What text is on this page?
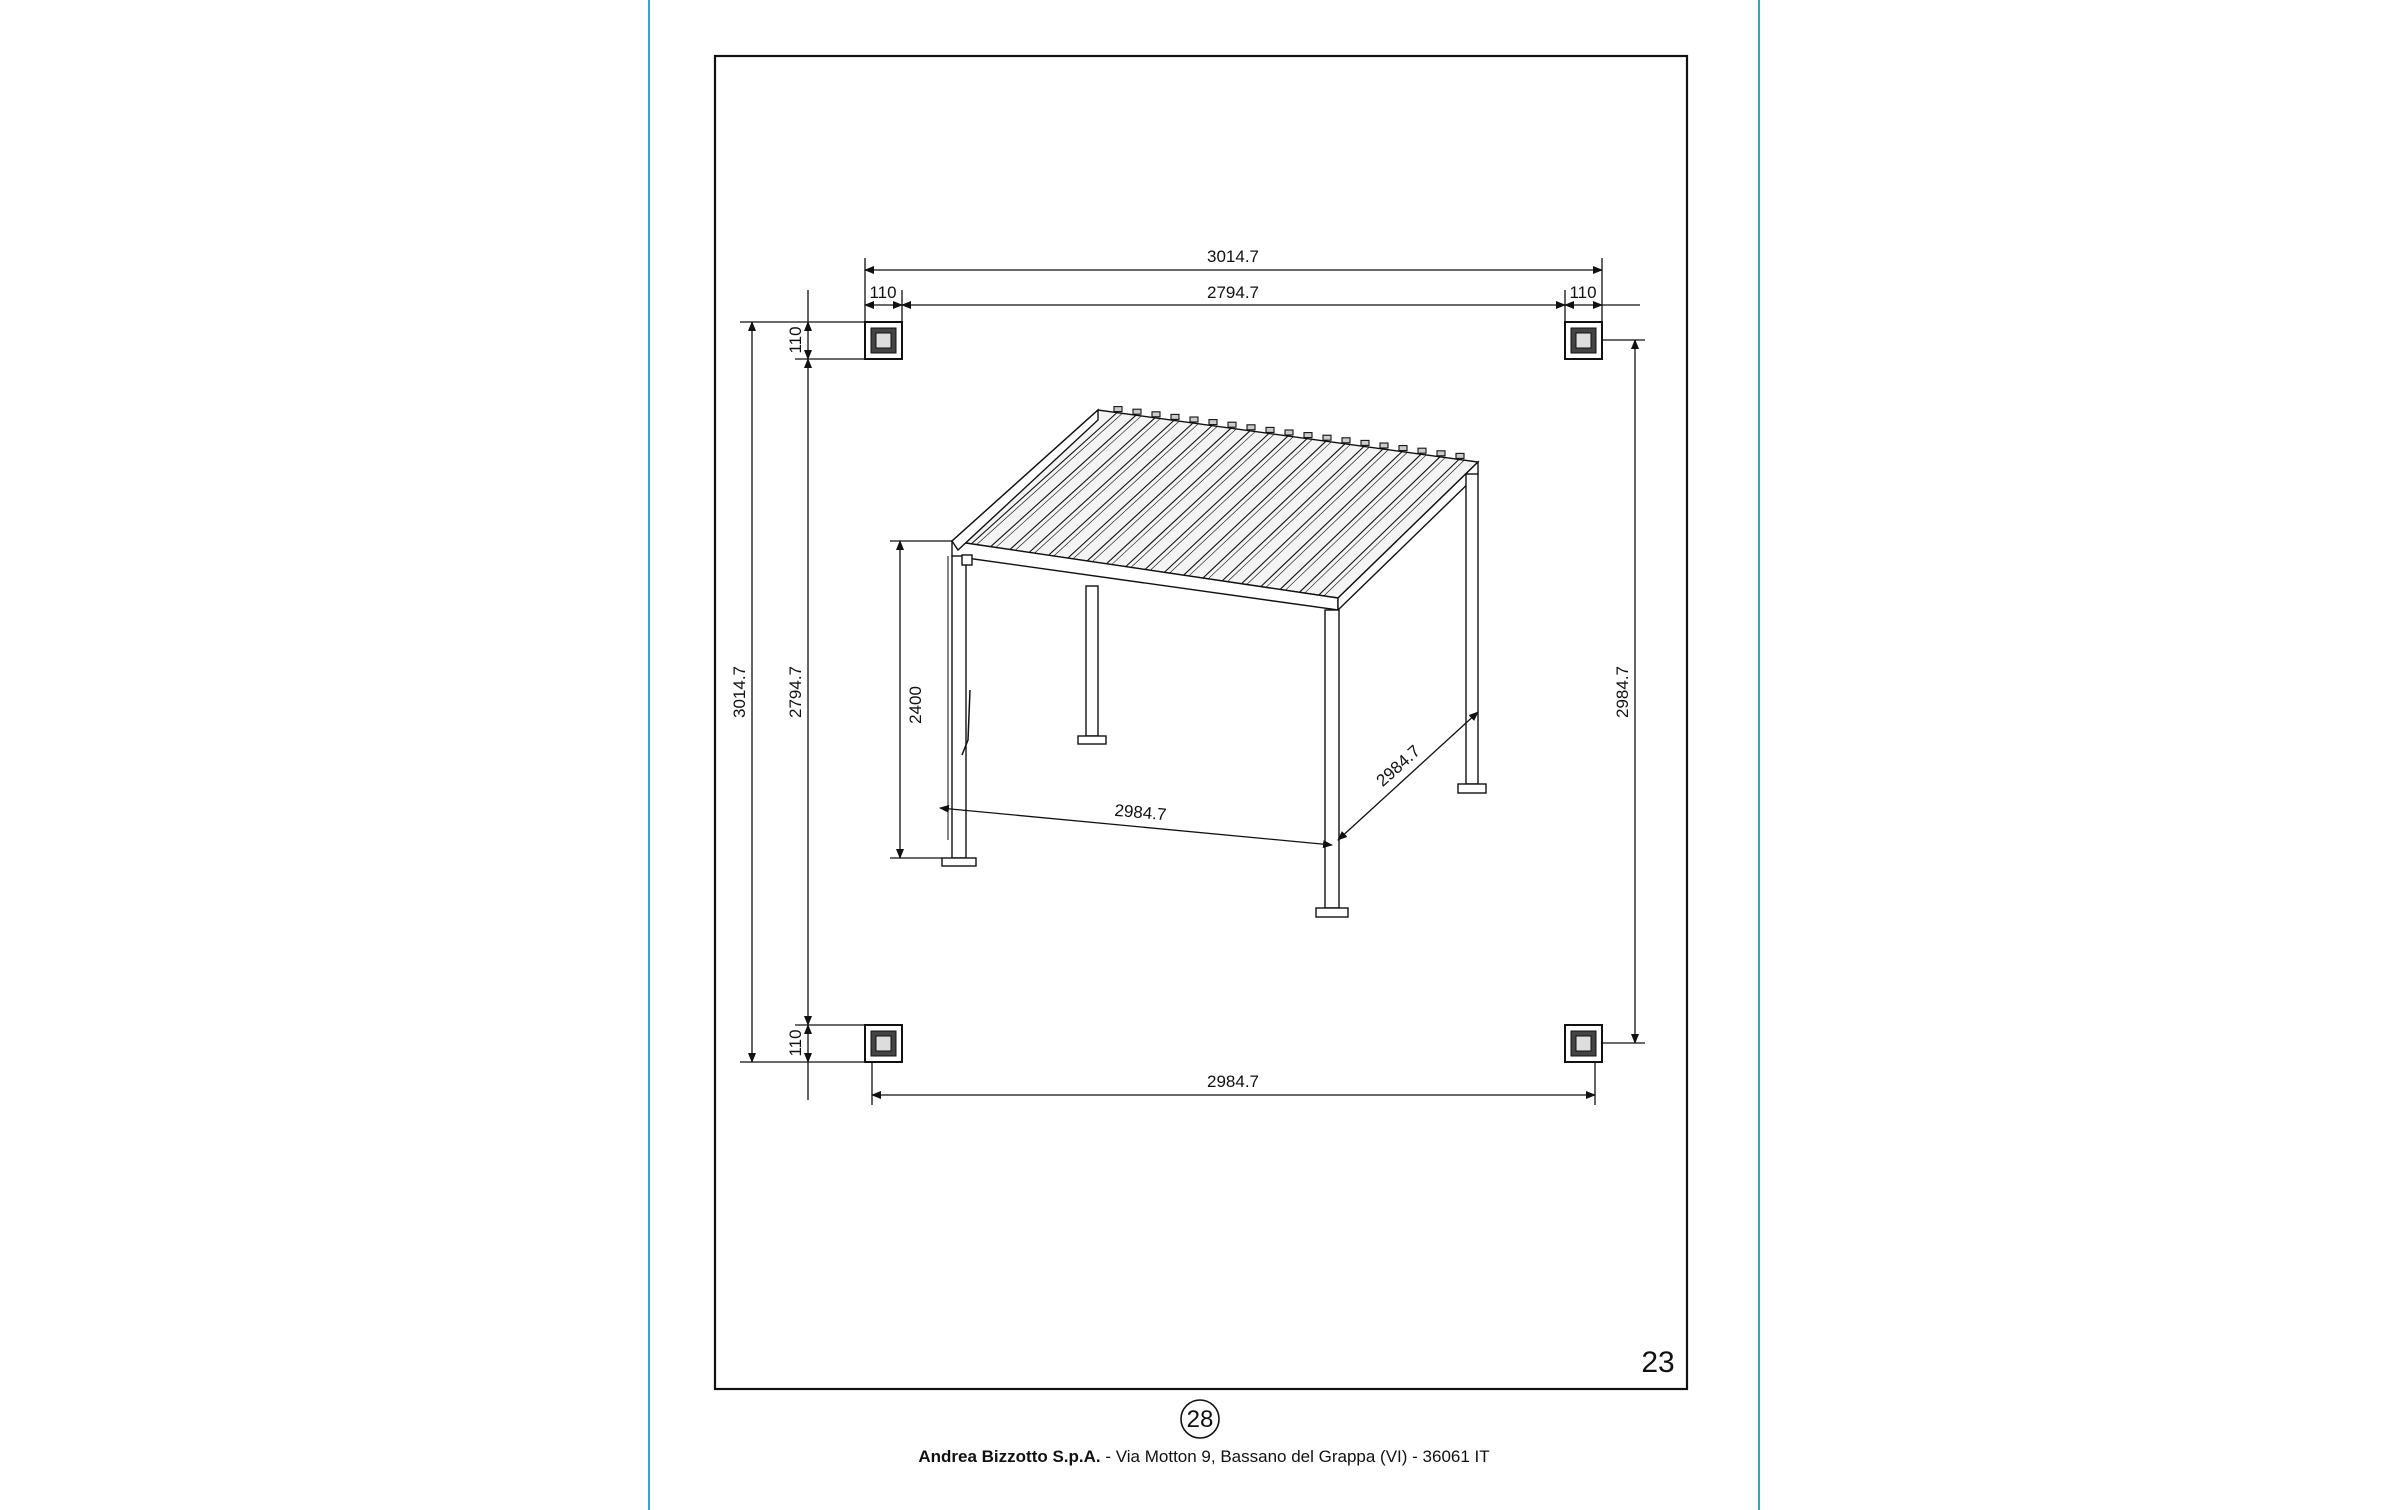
3014.7
110	2794.7	110
3014.7 2794.7
110
110
2984.7
2984.7
2400
2984.7
2984.7
23
28
Andrea Bizzotto S.p.A. - Via Motton 9, Bassano del Grappa (VI) - 36061 IT
